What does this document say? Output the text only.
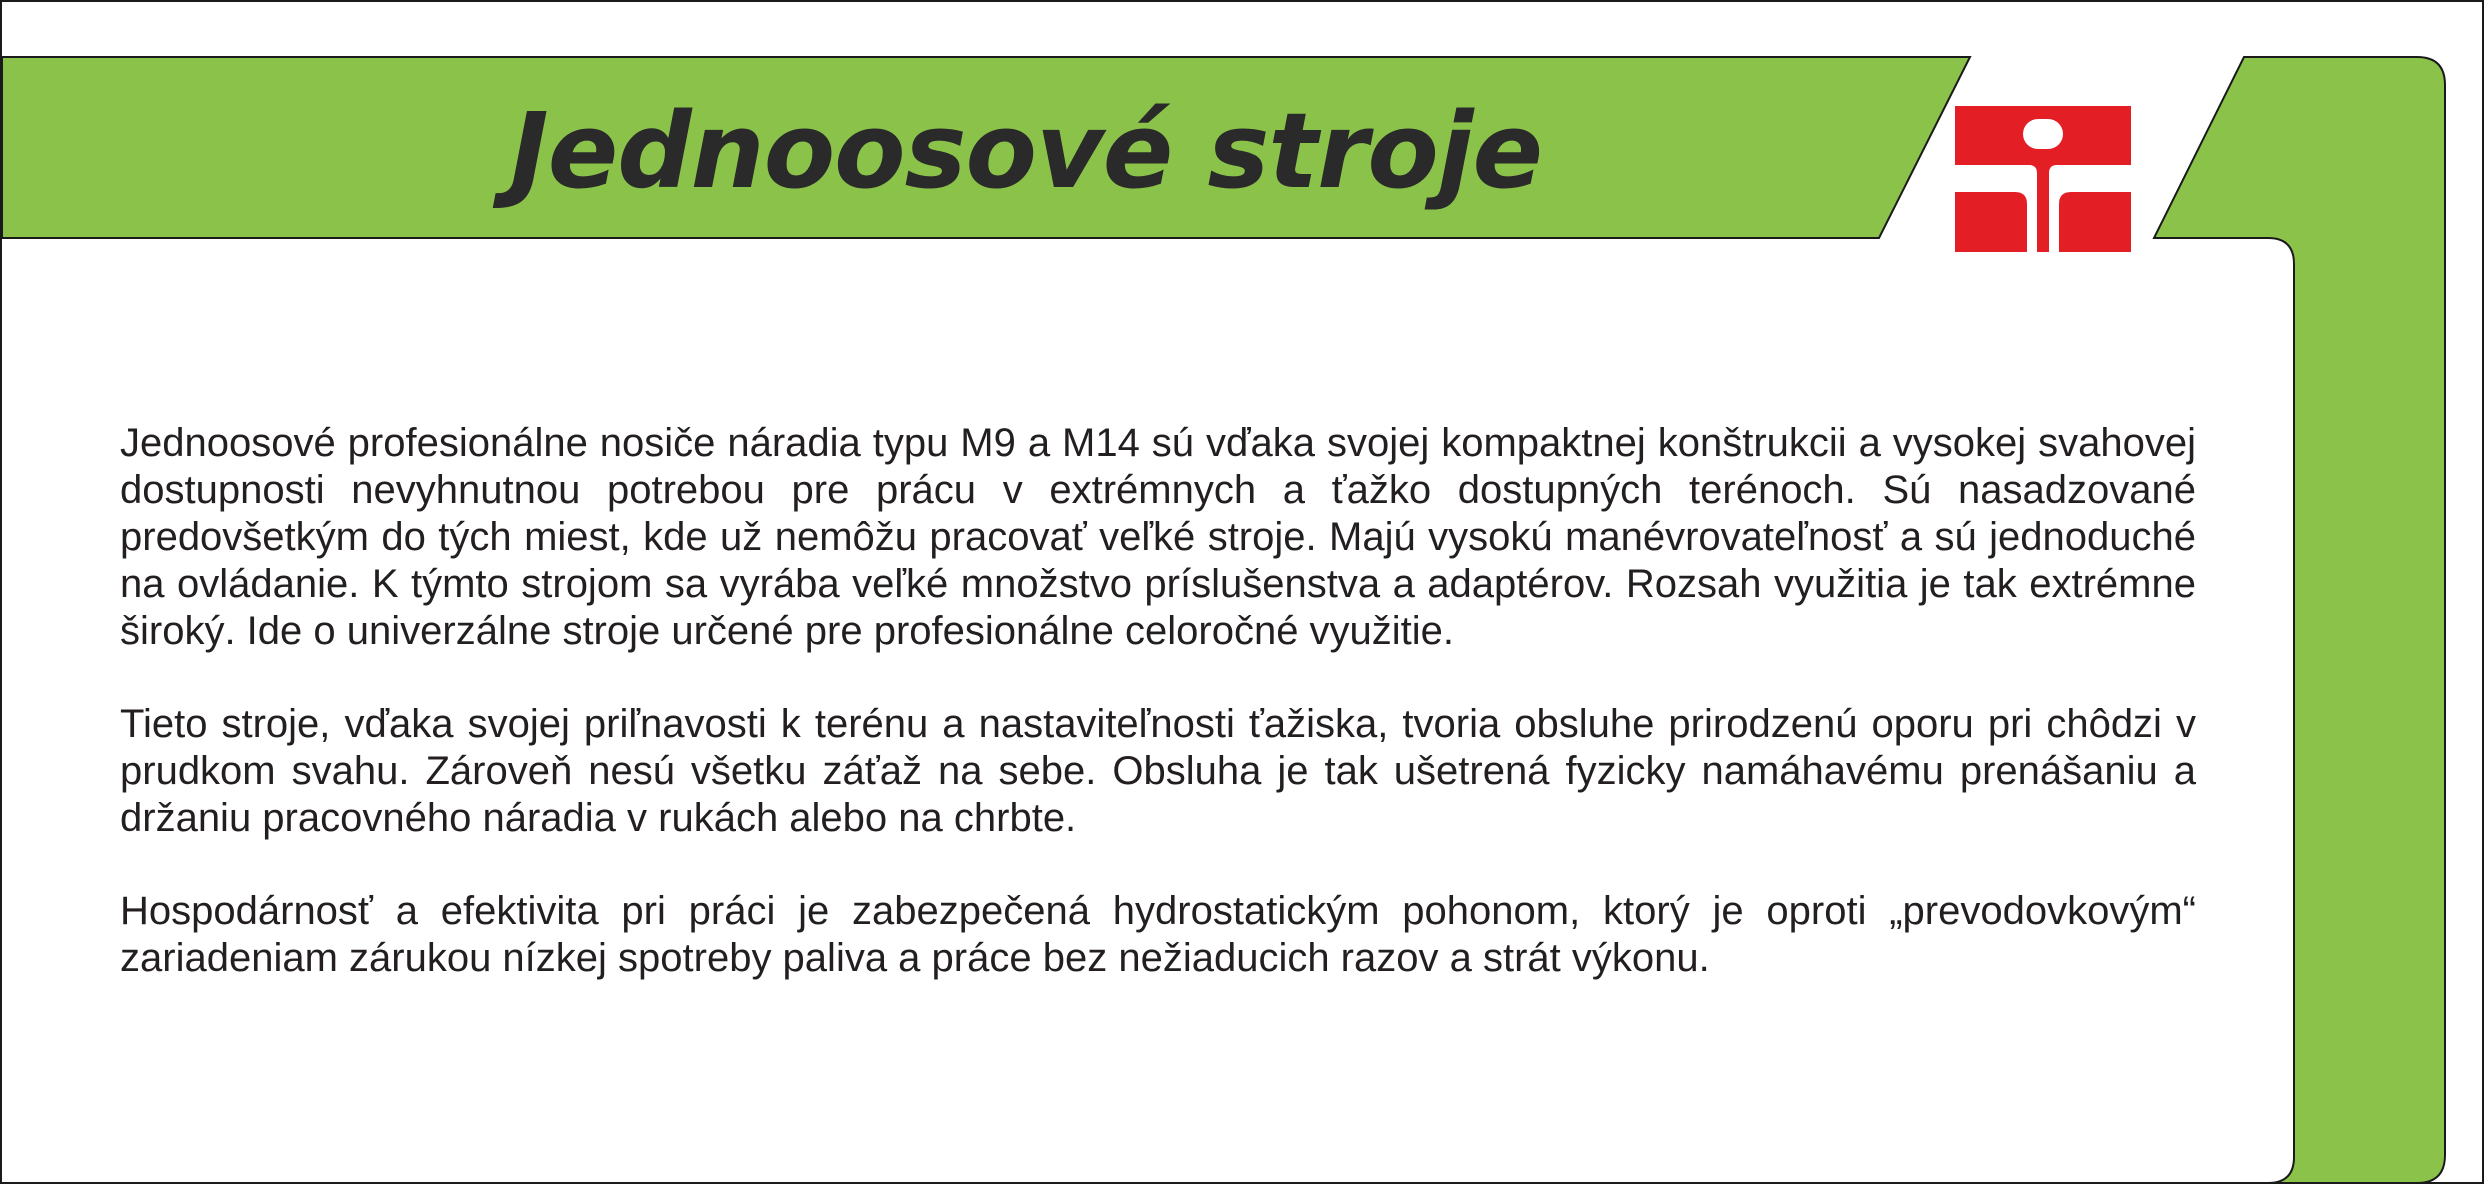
Jednoosové stroje

Jednoosové profesionálne nosiče náradia typu M9 a M14 sú vďaka svojej kompaktnej konštrukcii a vysokej svahovej dostupnosti nevyhnutnou potrebou pre prácu v extrémnych a ťažko dostupných terénoch. Sú nasadzované predovšetkým do tých miest, kde už nemôžu pracovať veľké stroje. Majú vysokú manévrovateľnosť a sú jednoduché na ovládanie. K týmto strojom sa vyrába veľké množstvo príslušenstva a adaptérov. Rozsah využitia je tak extrémne široký. Ide o univerzálne stroje určené pre profesionálne celoročné využitie.

Tieto stroje, vďaka svojej priľnavosti k terénu a nastaviteľnosti ťažiska, tvoria obsluhe prirodzenú oporu pri chôdzi v prudkom svahu. Zároveň nesú všetku záťaž na sebe. Obsluha je tak ušetrená fyzicky namáhavému prenášaniu a držaniu pracovného náradia v rukách alebo na chrbte.

Hospodárnosť a efektivita pri práci je zabezpečená hydrostatickým pohonom, ktorý je oproti „prevodovkovým“ zariadeniam zárukou nízkej spotreby paliva a práce bez nežiaducich razov a strát výkonu.
